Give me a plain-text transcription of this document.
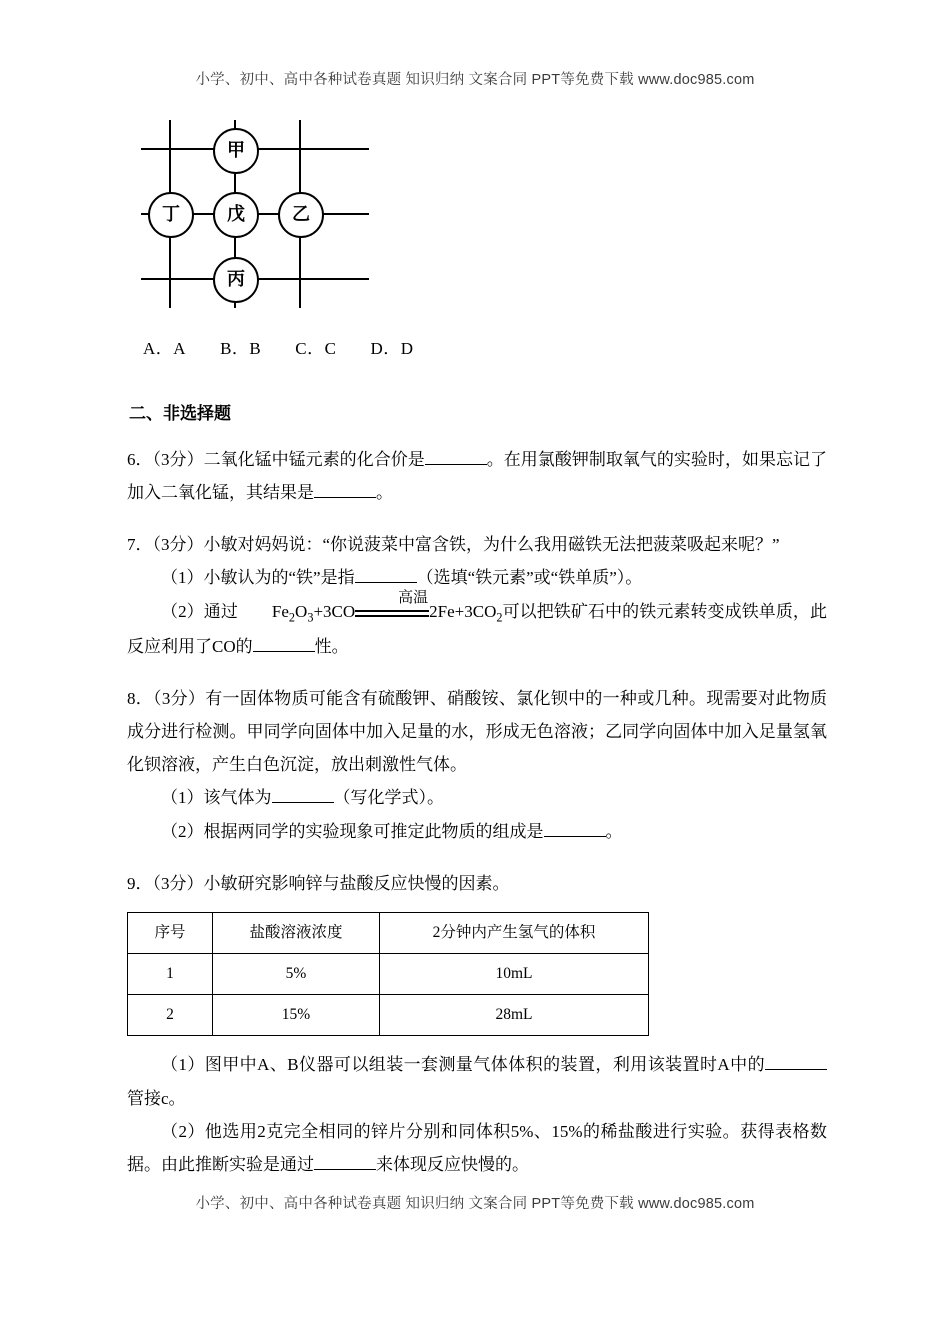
小学、初中、高中各种试卷真题 知识归纳 文案合同 PPT等免费下载 www.doc985.com
甲
丁	戊	乙
丙
A．A B．B C．C D．D
二、非选择题

6．（3分）二氧化锰中锰元素的化合价是	。在用氯酸钾制取氧气的实验时，如果忘记了加入二氧化锰，其结果是	。

7．（3分）小敏对妈妈说：“你说菠菜中富含铁，为什么我用磁铁无法把菠菜吸起来呢？”

（1）小敏认为的“铁”是指	（选填“铁元素”或“铁单质”）。

（2）通过 $Fe_2O_3+3CO$
高温
$2Fe+3CO_2$可以把铁矿石中的铁元素转变成铁单质，此反应利用了CO的	性。

8．（3分）有一固体物质可能含有硫酸钾、硝酸铵、氯化钡中的一种或几种。现需要对此物质成分进行检测。甲同学向固体中加入足量的水，形成无色溶液；乙同学向固体中加入足量氢氧化钡溶液，产生白色沉淀，放出刺激性气体。

（1）该气体为	（写化学式）。

（2）根据两同学的实验现象可推定此物质的组成是	。

9．（3分）小敏研究影响锌与盐酸反应快慢的因素。

序号	盐酸溶液浓度	2分钟内产生氢气的体积
1	5%	10mL
2	15%	28mL

（1）图甲中A、B仪器可以组装一套测量气体体积的装置，利用该装置时A中的管接c。

（2）他选用2克完全相同的锌片分别和同体积5%、15%的稀盐酸进行实验。获得表格数据。由此推断实验是通过	来体现反应快慢的。

小学、初中、高中各种试卷真题 知识归纳 文案合同 PPT等免费下载 www.doc985.com
